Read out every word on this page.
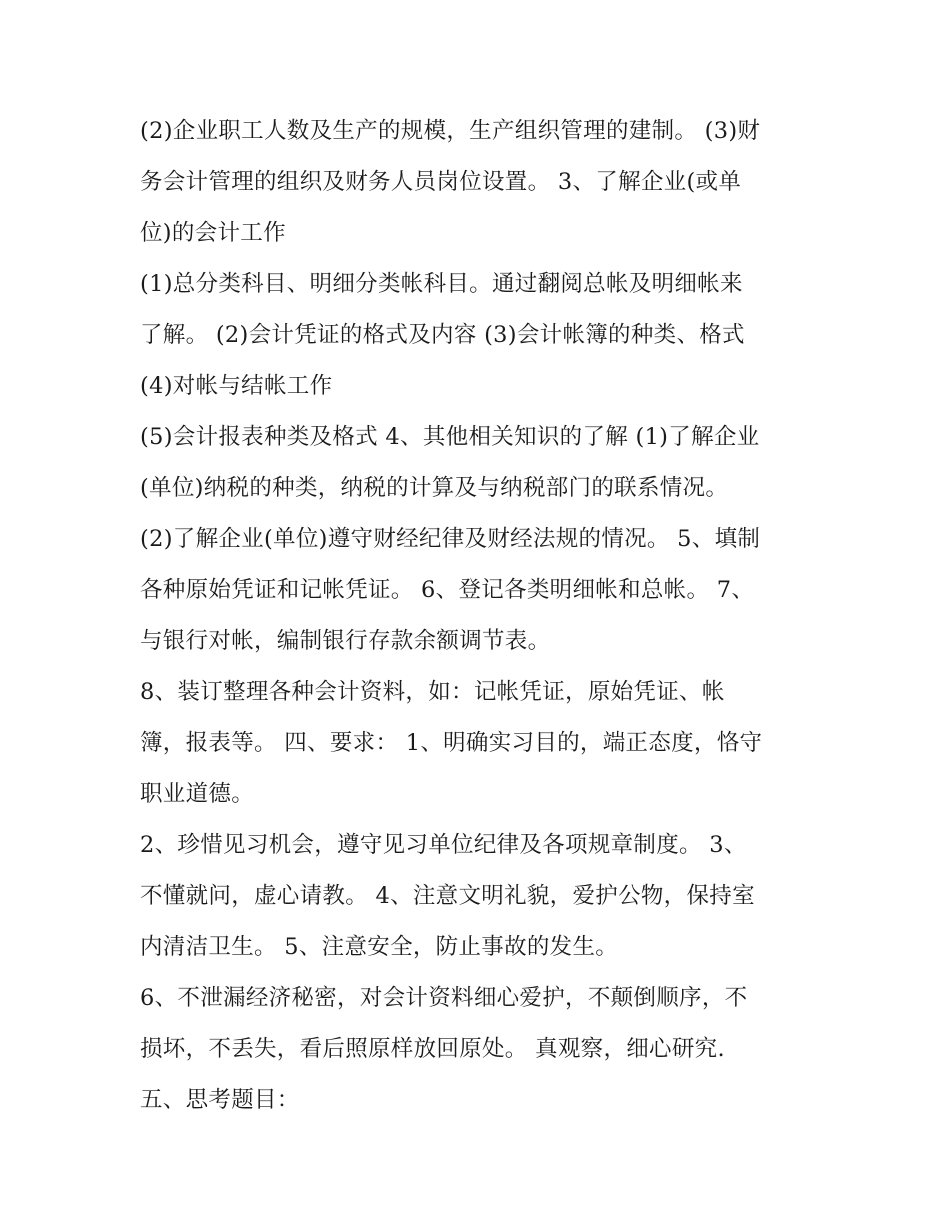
(2)企业职工人数及生产的规模，生产组织管理的建制。 (3)财
务会计管理的组织及财务人员岗位设置。 3、了解企业(或单
位)的会计工作
(1)总分类科目、明细分类帐科目。通过翻阅总帐及明细帐来
了解。 (2)会计凭证的格式及内容 (3)会计帐簿的种类、格式
(4)对帐与结帐工作
(5)会计报表种类及格式 4、其他相关知识的了解 (1)了解企业
(单位)纳税的种类，纳税的计算及与纳税部门的联系情况。
(2)了解企业(单位)遵守财经纪律及财经法规的情况。 5、填制
各种原始凭证和记帐凭证。 6、登记各类明细帐和总帐。 7、
与银行对帐，编制银行存款余额调节表。
8、装订整理各种会计资料，如：记帐凭证，原始凭证、帐
簿，报表等。 四、要求： 1、明确实习目的，端正态度，恪守
职业道德。
2、珍惜见习机会，遵守见习单位纪律及各项规章制度。 3、
不懂就问，虚心请教。 4、注意文明礼貌，爱护公物，保持室
内清洁卫生。 5、注意安全，防止事故的发生。
6、不泄漏经济秘密，对会计资料细心爱护，不颠倒顺序，不
损坏，不丢失，看后照原样放回原处。 真观察，细心研究.
五、思考题目：
